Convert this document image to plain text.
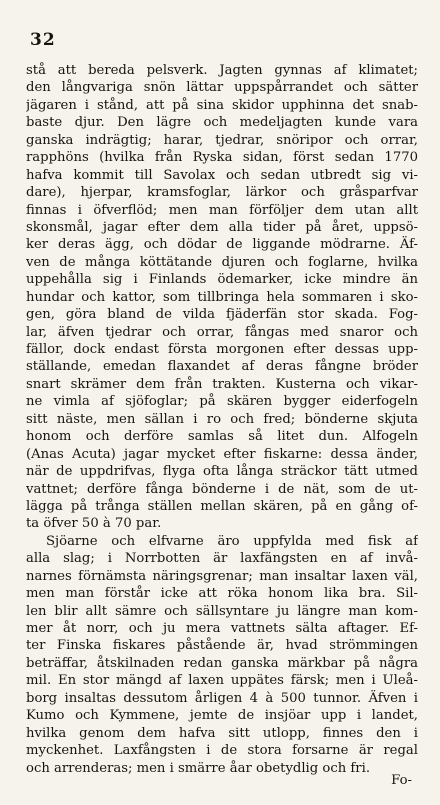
32
stå att bereda pelsverk. Jagten gynnas af klimatet;
den långvariga snön lättar uppspårrandet och sätter
jägaren i stånd, att på sina skidor upphinna det snab-
baste djur. Den lägre och medeljagten kunde vara
ganska indrägtig; harar, tjedrar, snöripor och orrar,
rapphöns (hvilka från Ryska sidan, först sedan 1770
hafva kommit till Savolax och sedan utbredt sig vi-
dare), hjerpar, kramsfoglar, lärkor och gråsparfvar
finnas i öfverflöd; men man förföljer dem utan allt
skonsmål, jagar efter dem alla tider på året, uppsö-
ker deras ägg, och dödar de liggande mödrarne. Äf-
ven de många köttätande djuren och foglarne, hvilka
uppehålla sig i Finlands ödemarker, icke mindre än
hundar och kattor, som tillbringa hela sommaren i sko-
gen, göra bland de vilda fjäderfän stor skada. Fog-
lar, äfven tjedrar och orrar, fångas med snaror och
fällor, dock endast första morgonen efter dessas upp-
ställande, emedan flaxandet af deras fångne bröder
snart skrämer dem från trakten. Kusterna och vikar-
ne vimla af sjöfoglar; på skären bygger eiderfogeln
sitt näste, men sällan i ro och fred; bönderne skjuta
honom och derföre samlas så litet dun. Alfogeln
(Anas Acuta) jagar mycket efter fiskarne: dessa änder,
när de uppdrifvas, flyga ofta långa sträckor tätt utmed
vattnet; derföre fånga bönderne i de nät, som de ut-
lägga på trånga ställen mellan skären, på en gång of-
ta öfver 50 à 70 par.
Sjöarne och elfvarne äro uppfylda med fisk af
alla slag; i Norrbotten är laxfängsten en af invå-
narnes förnämsta näringsgrenar; man insaltar laxen väl,
men man förstår icke att röka honom lika bra. Sil-
len blir allt sämre och sällsyntare ju längre man kom-
mer åt norr, och ju mera vattnets sälta aftager. Ef-
ter Finska fiskares påstående är, hvad strömmingen
beträffar, åtskilnaden redan ganska märkbar på några
mil. En stor mängd af laxen uppätes färsk; men i Uleå-
borg insaltas dessutom årligen 4 à 500 tunnor. Äfven i
Kumo och Kymmene, jemte de insjöar upp i landet,
hvilka genom dem hafva sitt utlopp, finnes den i
myckenhet. Laxfångsten i de stora forsarne är regal
och arrenderas; men i smärre åar obetydlig och fri.
Fo-
